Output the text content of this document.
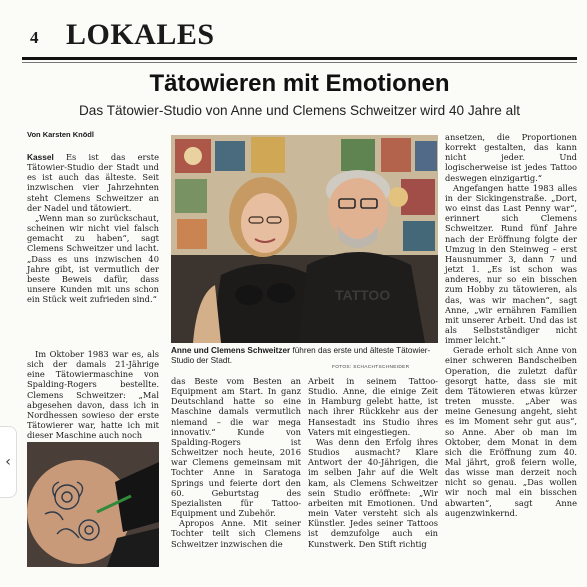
4 LOKALES
Tätowieren mit Emotionen
Das Tätowier-Studio von Anne und Clemens Schweitzer wird 40 Jahre alt
Von Karsten Knödl

Kassel Es ist das erste Tätowier-Studio der Stadt und es ist auch das älteste. Seit inzwischen vier Jahrzehnten steht Clemens Schweitzer an der Nadel und tätowiert.

„Wenn man so zurückschaut, scheinen wir nicht viel falsch gemacht zu haben“, sagt Clemens Schweitzer und lacht. „Dass es uns inzwischen 40 Jahre gibt, ist vermutlich der beste Beweis dafür, dass unsere Kunden mit uns schon ein Stück weit zufrieden sind.“

Im Oktober 1983 war es, als sich der damals 21-Jährige eine Tätowiermaschine von Spalding-Rogers bestellte. Clemens Schweitzer: „Mal abgesehen davon, dass ich in Nordhessen sowieso der erste Tätowierer war, hatte ich mit dieser Maschine auch noch

TATTOO
Anne und Clemens Schweitzer führen das erste und älteste Tätowier-Studio der Stadt.
FOTOS: SCHACHTSCHNEIDER

das Beste vom Besten an Equipment am Start. In ganz Deutschland hatte so eine Maschine damals vermutlich niemand – die war mega innovativ.“ Kunde von Spalding-Rogers ist Schweitzer noch heute, 2016 war Clemens gemeinsam mit Tochter Anne in Saratoga Springs und feierte dort den 60. Geburtstag des Spezialisten für Tattoo-Equipment und Zubehör.

Apropos Anne. Mit seiner Tochter teilt sich Clemens Schweitzer inzwischen die

Arbeit in seinem Tattoo-Studio. Anne, die einige Zeit in Hamburg gelebt hatte, ist nach ihrer Rückkehr aus der Hansestadt ins Studio ihres Vaters mit eingestiegen.

Was denn den Erfolg ihres Studios ausmacht? Klare Antwort der 40-Jährigen, die im selben Jahr auf die Welt kam, als Clemens Schweitzer sein Studio eröffnete: „Wir arbeiten mit Emotionen. Und mein Vater versteht sich als Künstler. Jedes seiner Tattoos ist demzufolge auch ein Kunstwerk. Den Stift richtig

ansetzen, die Proportionen korrekt gestalten, das kann nicht jeder. Und logischerweise ist jedes Tattoo deswegen einzigartig.“

Angefangen hatte 1983 alles in der Sickingenstraße. „Dort, wo einst das Last Penny war“, erinnert sich Clemens Schweitzer. Rund fünf Jahre nach der Eröffnung folgte der Umzug in den Steinweg – erst Hausnummer 3, dann 7 und jetzt 1. „Es ist schon was anderes, nur so ein bisschen zum Hobby zu tätowieren, als das, was wir machen“, sagt Anne, „wir ernähren Familien mit unserer Arbeit. Und das ist als Selbstständiger nicht immer leicht.“

Gerade erholt sich Anne von einer schweren Bandscheiben Operation, die zuletzt dafür gesorgt hatte, dass sie mit dem Tätowieren etwas kürzer treten musste. „Aber was meine Genesung angeht, sieht es im Moment sehr gut aus“, so Anne. Aber ob man im Oktober, dem Monat in dem sich die Eröffnung zum 40. Mal jährt, groß feiern wolle, das wisse man derzeit noch nicht so genau. „Das wollen wir noch mal ein bisschen abwarten“, sagt Anne augenzwinkernd.

‹
